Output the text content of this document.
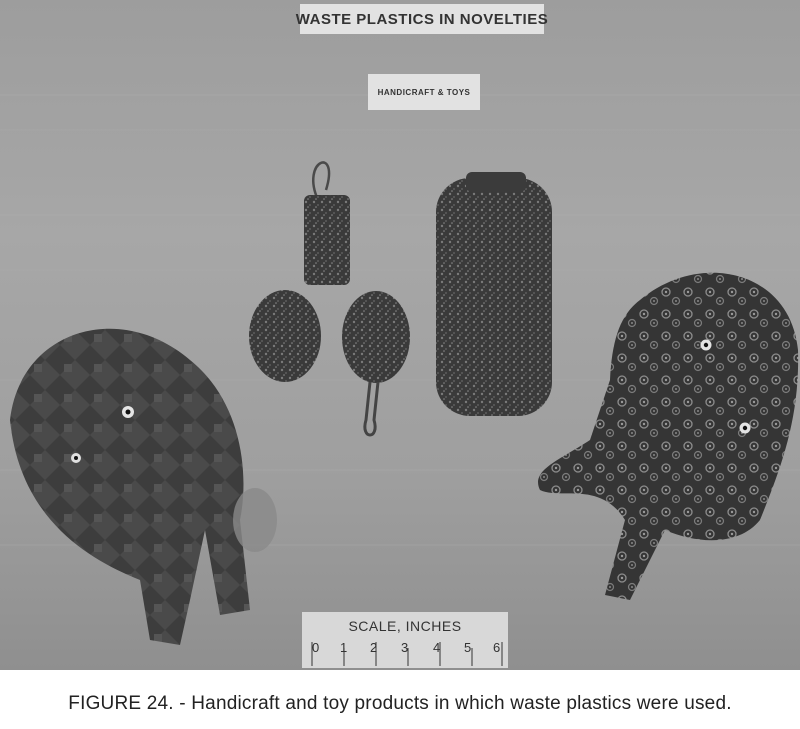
WASTE PLASTICS IN NOVELTIES
HANDICRAFT & TOYS
SCALE, INCHES
0 1 2 3 4 5 6
FIGURE 24. - Handicraft and toy products in which waste plastics were used.
